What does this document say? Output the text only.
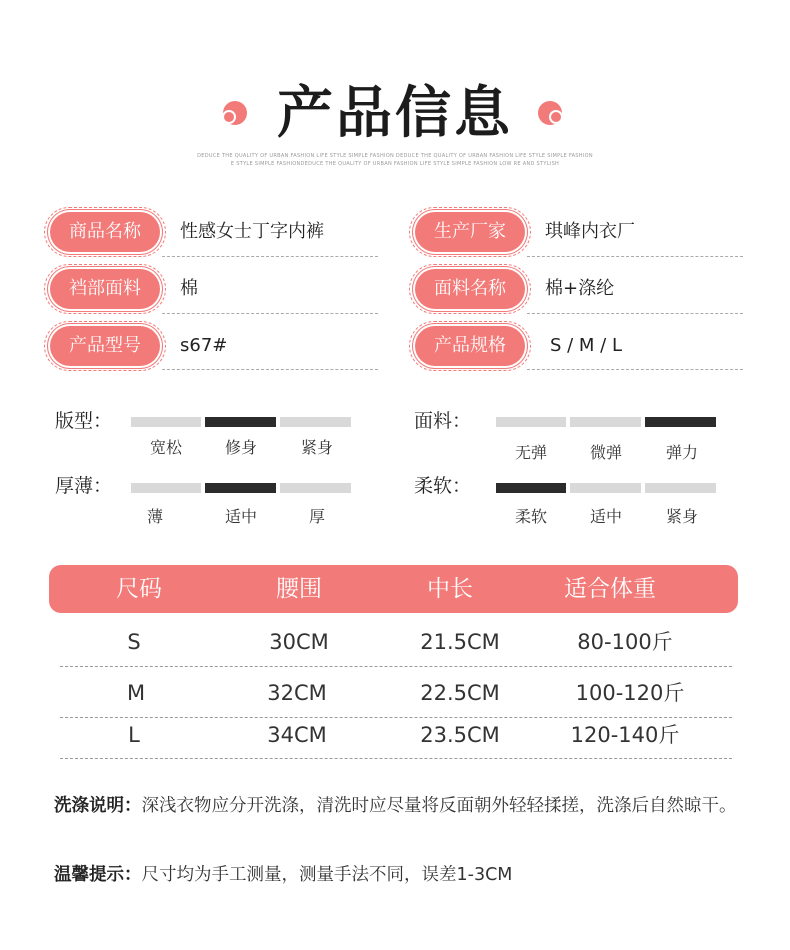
产品信息
DEDUCE THE QUALITY OF URBAN FASHION LIFE STYLE SIMPLE FASHION DEDUCE THE QUALITY OF URBAN FASHION LIFE STYLE SIMPLE FASHION
E STYLE SIMPLE FASHIONDEDUCE THE QUALITY OF URBAN FASHION LIFE STYLE SIMPLE FASHION LOW RE AND STYLISH
商品名称	性感女士丁字内裤
裆部面料	棉
产品型号	s67#
生产厂家	琪峰内衣厂
面料名称	棉+涤纶
产品规格	S / M / L
版型：
宽松	修身	紧身
面料：
无弹	微弹	弹力
厚薄：
薄	适中	厚
柔软：
柔软	适中	紧身
尺码	腰围	中长	适合体重
S	30CM	21.5CM	80-100斤
M	32CM	22.5CM	100-120斤
L	34CM	23.5CM	120-140斤
洗涤说明：深浅衣物应分开洗涤，清洗时应尽量将反面朝外轻轻揉搓，洗涤后自然晾干。
温馨提示：尺寸均为手工测量，测量手法不同，误差1-3CM
